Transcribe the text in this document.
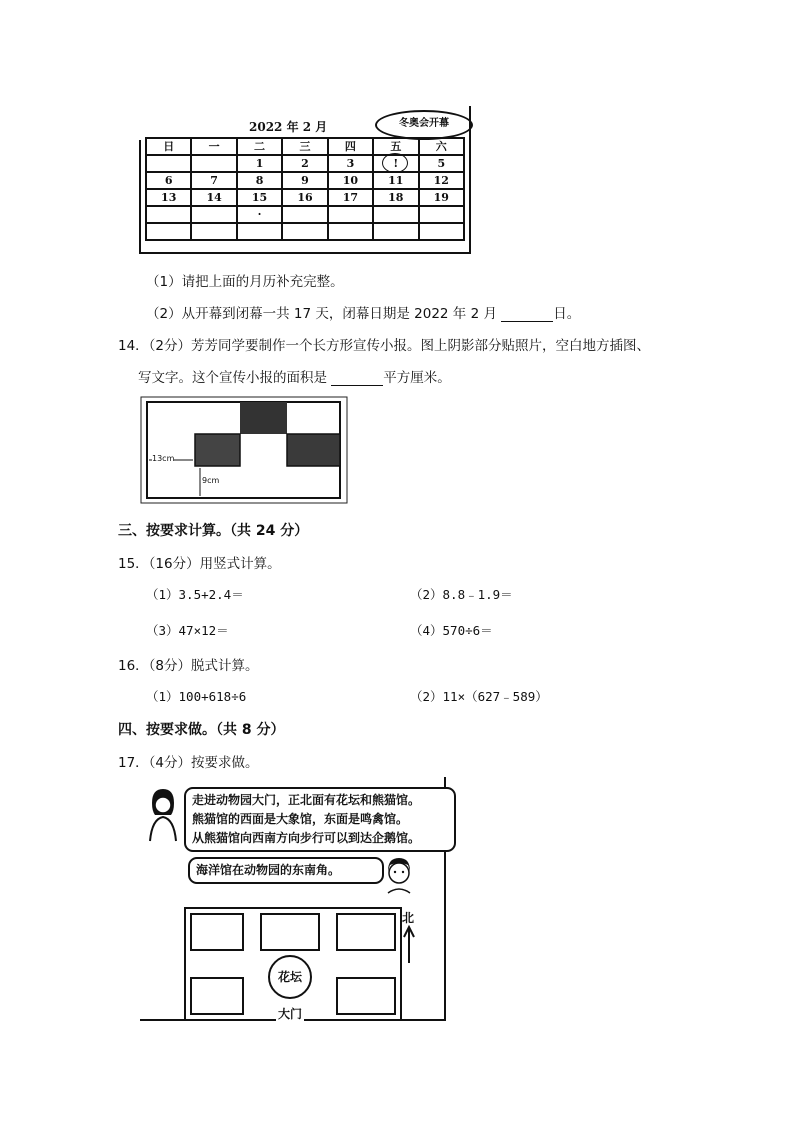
2022 年 2 月	冬奥会开幕
日	一	二	三	四	五	六
		1	2	3	!	5
6	7	8	9	10	11	12
13	14	15	16	17	18	19
		·				

（1）请把上面的月历补充完整。
（2）从开幕到闭幕一共 17 天，闭幕日期是 2022 年 2 月	日。
14．（2分）芳芳同学要制作一个长方形宣传小报。图上阴影部分贴照片，空白地方插图、
写文字。这个宣传小报的面积是	平方厘米。
13cm
9cm
三、按要求计算。（共 24 分）
15．（16分）用竖式计算。
（1）3.5+2.4＝	（2）8.8﹣1.9＝
（3）47×12＝	（4）570÷6＝
16．（8分）脱式计算。
（1）100+618÷6	（2）11×（627﹣589）
四、按要求做。（共 8 分）
17．（4分）按要求做。
走进动物园大门，正北面有花坛和熊猫馆。
熊猫馆的西面是大象馆，东面是鸣禽馆。
从熊猫馆向西南方向步行可以到达企鹅馆。
海洋馆在动物园的东南角。
北
花坛
大门
